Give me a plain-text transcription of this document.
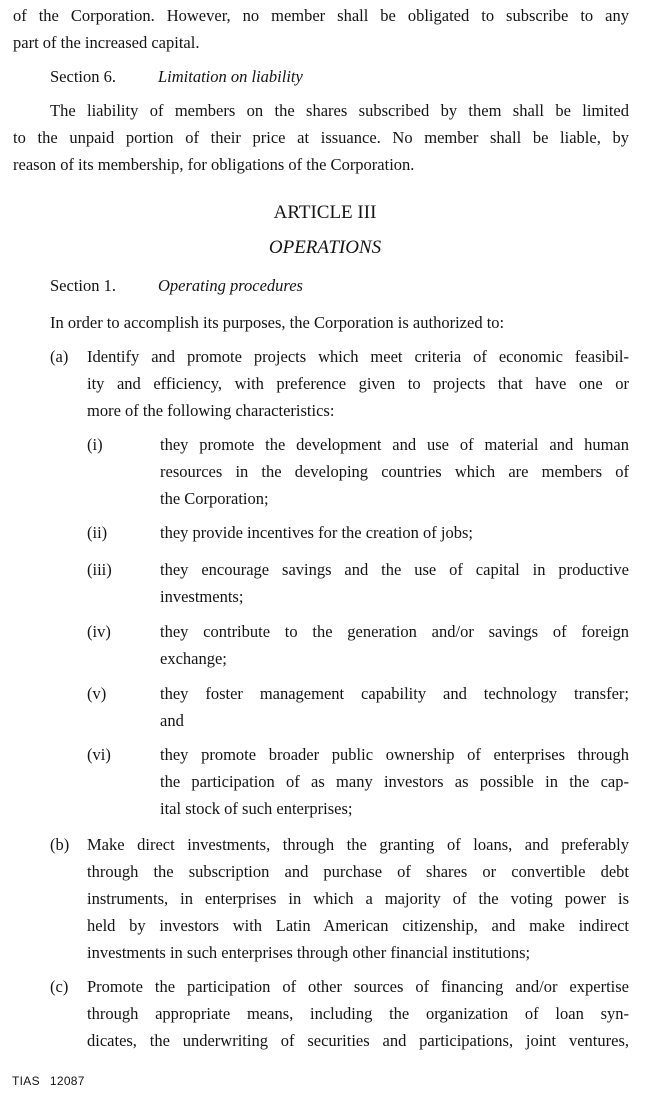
of the Corporation. However, no member shall be obligated to subscribe to any
part of the increased capital.
Section 6.	Limitation on liability
The liability of members on the shares subscribed by them shall be limited
to the unpaid portion of their price at issuance. No member shall be liable, by
reason of its membership, for obligations of the Corporation.
ARTICLE III
OPERATIONS
Section 1.	Operating procedures
In order to accomplish its purposes, the Corporation is authorized to:
(a) Identify and promote projects which meet criteria of economic feasibil-
ity and efficiency, with preference given to projects that have one or
more of the following characteristics:
(i)	they promote the development and use of material and human
resources in the developing countries which are members of
the Corporation;
(ii)	they provide incentives for the creation of jobs;
(iii)	they encourage savings and the use of capital in productive
investments;
(iv)	they contribute to the generation and/or savings of foreign
exchange;
(v)	they foster management capability and technology transfer;
and
(vi)	they promote broader public ownership of enterprises through
the participation of as many investors as possible in the cap-
ital stock of such enterprises;
(b) Make direct investments, through the granting of loans, and preferably
through the subscription and purchase of shares or convertible debt
instruments, in enterprises in which a majority of the voting power is
held by investors with Latin American citizenship, and make indirect
investments in such enterprises through other financial institutions;
(c) Promote the participation of other sources of financing and/or expertise
through appropriate means, including the organization of loan syn-
dicates, the underwriting of securities and participations, joint ventures,
TIAS 12087
